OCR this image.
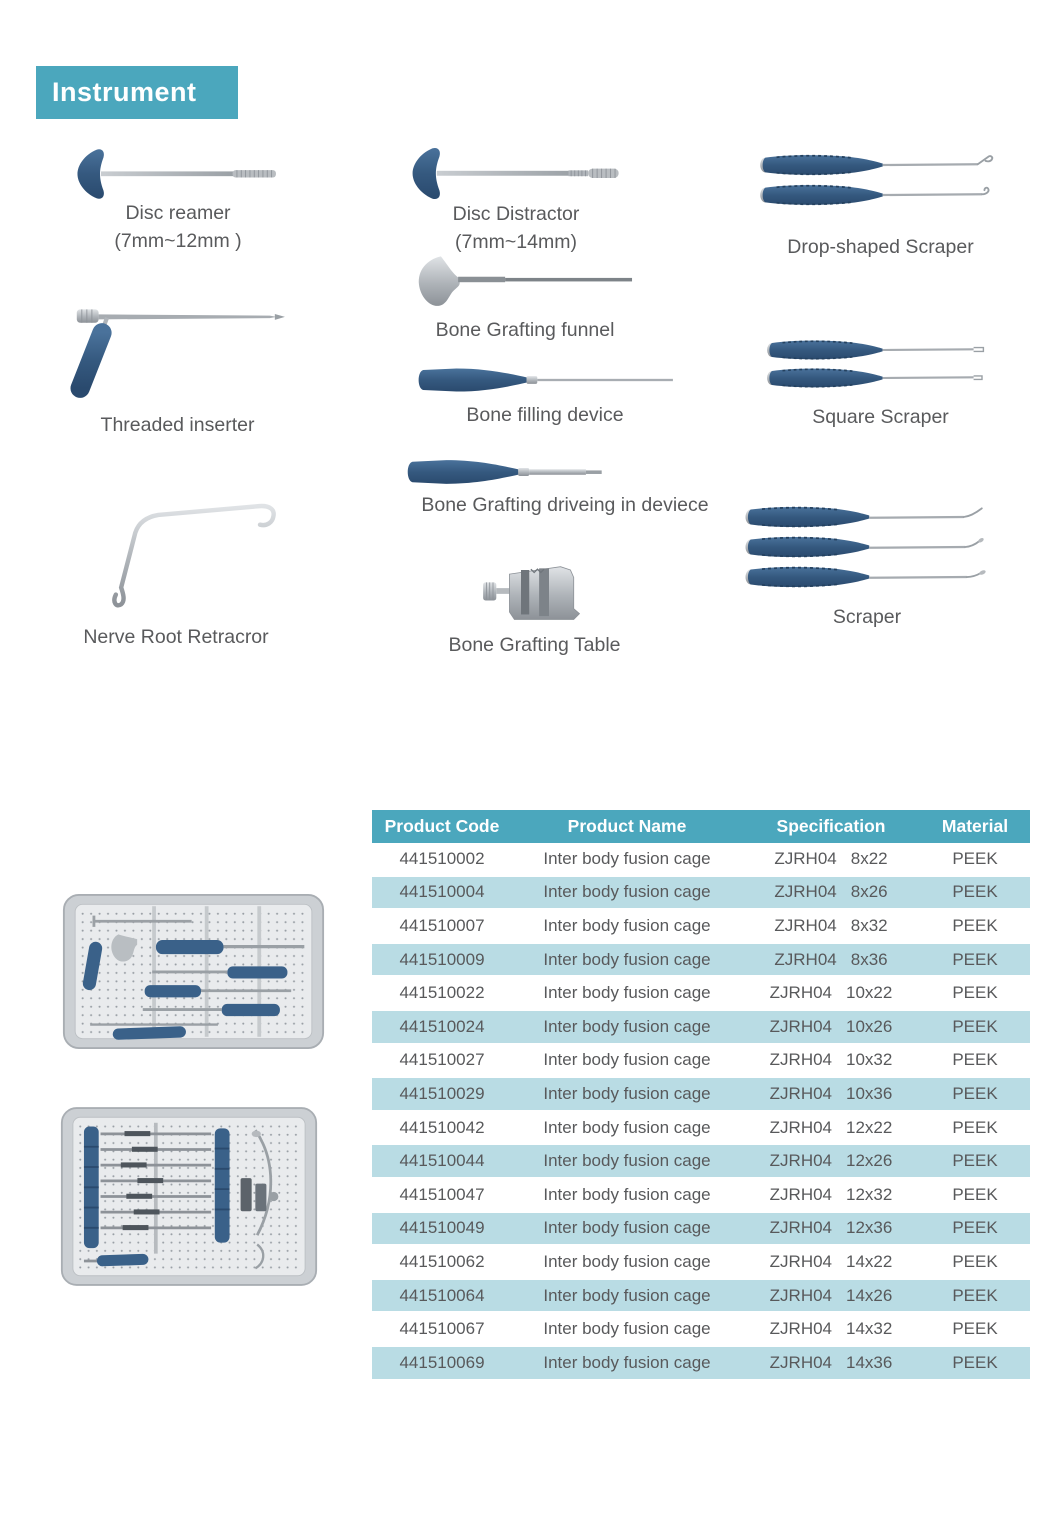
Instrument
Disc reamer
(7mm~12mm )
Threaded inserter
Nerve Root Retracror
Disc Distractor
(7mm~14mm)
Bone Grafting funnel
Bone filling device
Bone Grafting driveing in deviece
Bone Grafting Table
Drop-shaped Scraper
Square Scraper
Scraper
Product Code	Product Name	Specification	Material
441510002	Inter body fusion cage	ZJRH04 8x22	PEEK
441510004	Inter body fusion cage	ZJRH04 8x26	PEEK
441510007	Inter body fusion cage	ZJRH04 8x32	PEEK
441510009	Inter body fusion cage	ZJRH04 8x36	PEEK
441510022	Inter body fusion cage	ZJRH04 10x22	PEEK
441510024	Inter body fusion cage	ZJRH04 10x26	PEEK
441510027	Inter body fusion cage	ZJRH04 10x32	PEEK
441510029	Inter body fusion cage	ZJRH04 10x36	PEEK
441510042	Inter body fusion cage	ZJRH04 12x22	PEEK
441510044	Inter body fusion cage	ZJRH04 12x26	PEEK
441510047	Inter body fusion cage	ZJRH04 12x32	PEEK
441510049	Inter body fusion cage	ZJRH04 12x36	PEEK
441510062	Inter body fusion cage	ZJRH04 14x22	PEEK
441510064	Inter body fusion cage	ZJRH04 14x26	PEEK
441510067	Inter body fusion cage	ZJRH04 14x32	PEEK
441510069	Inter body fusion cage	ZJRH04 14x36	PEEK
